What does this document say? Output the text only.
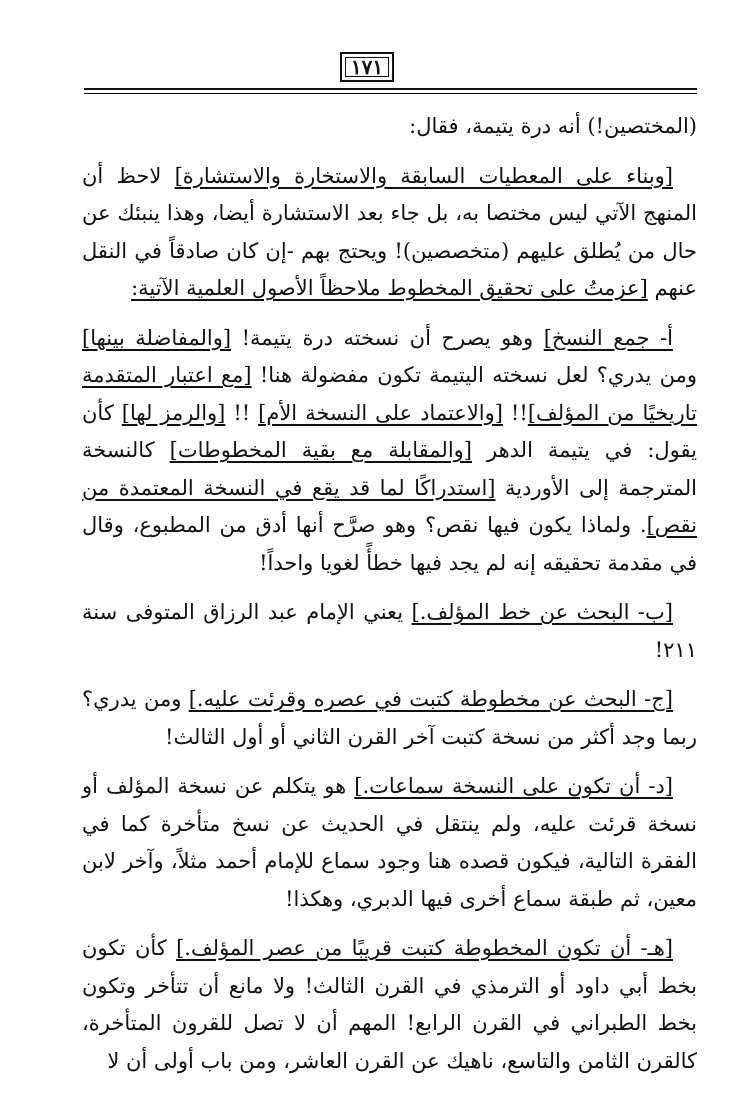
١٧١

(المختصين!) أنه درة يتيمة، فقال:

[وبناء على المعطيات السابقة والاستخارة والاستشارة] لاحظ أن المنهج الآتي ليس مختصا به، بل جاء بعد الاستشارة أيضا، وهذا ينبئك عن حال من يُطلق عليهم (متخصصين)! ويحتج بهم -إن كان صادقاً في النقل عنهم [عزمتُ على تحقيق المخطوط ملاحظاً الأصول العلمية الآتية:

أ- جمع النسخ] وهو يصرح أن نسخته درة يتيمة! [والمفاضلة بينها] ومن يدري؟ لعل نسخته اليتيمة تكون مفضولة هنا! [مع اعتبار المتقدمة تاريخيًا من المؤلف]!! [والاعتماد على النسخة الأم] !! [والرمز لها] كأن يقول: في يتيمة الدهر [والمقابلة مع بقية المخطوطات] كالنسخة المترجمة إلى الأوردية [استدراكًا لما قد يقع في النسخة المعتمدة من نقص]. ولماذا يكون فيها نقص؟ وهو صرَّح أنها أدق من المطبوع، وقال في مقدمة تحقيقه إنه لم يجد فيها خطأً لغويا واحداً!

[ب- البحث عن خط المؤلف.] يعني الإمام عبد الرزاق المتوفى سنة ٢١١!

[ج- البحث عن مخطوطة كتبت في عصره وقرئت عليه.] ومن يدري؟ ربما وجد أكثر من نسخة كتبت آخر القرن الثاني أو أول الثالث!

[د- أن تكون على النسخة سماعات.] هو يتكلم عن نسخة المؤلف أو نسخة قرئت عليه، ولم ينتقل في الحديث عن نسخ متأخرة كما في الفقرة التالية، فيكون قصده هنا وجود سماع للإمام أحمد مثلاً، وآخر لابن معين، ثم طبقة سماع أخرى فيها الدبري، وهكذا!

[هـ- أن تكون المخطوطة كتبت قريبًا من عصر المؤلف.] كأن تكون بخط أبي داود أو الترمذي في القرن الثالث! ولا مانع أن تتأخر وتكون بخط الطبراني في القرن الرابع! المهم أن لا تصل للقرون المتأخرة، كالقرن الثامن والتاسع، ناهيك عن القرن العاشر، ومن باب أولى أن لا
